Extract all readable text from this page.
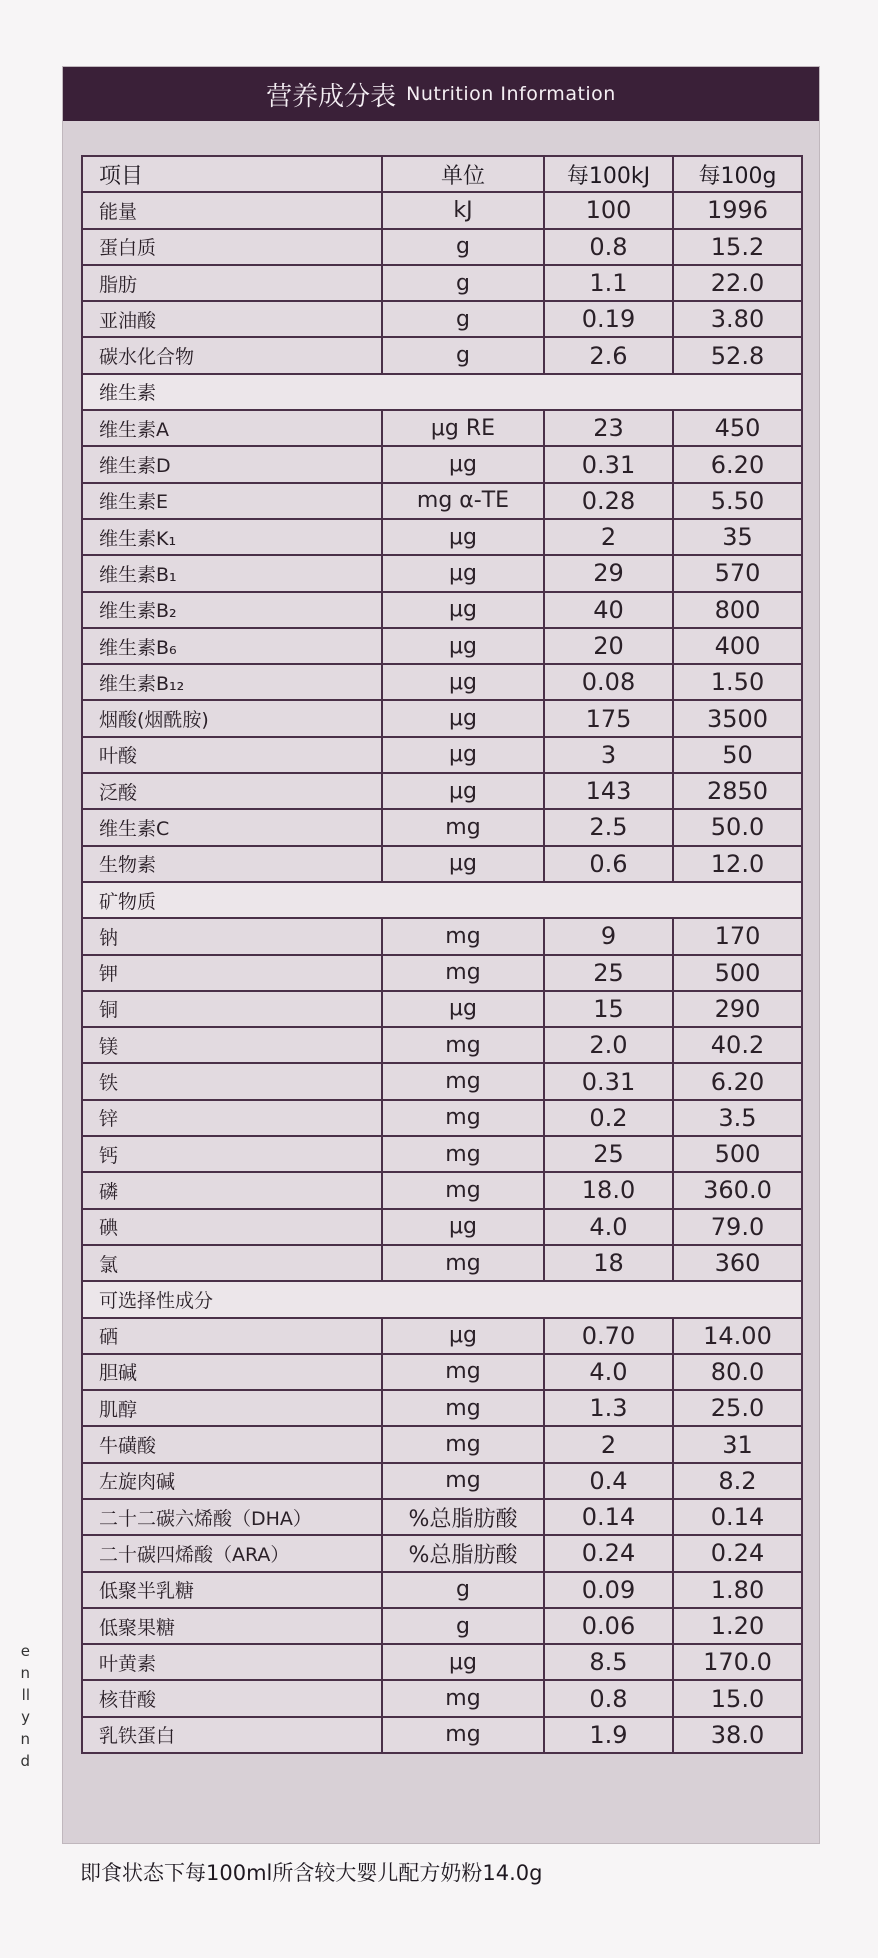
e
n
ll
y
n
d
营养成分表 Nutrition Information
项目	单位	每100kJ	每100g
能量	kJ	100	1996
蛋白质	g	0.8	15.2
脂肪	g	1.1	22.0
亚油酸	g	0.19	3.80
碳水化合物	g	2.6	52.8
维生素			
维生素A	μg RE	23	450
维生素D	μg	0.31	6.20
维生素E	mg α-TE	0.28	5.50
维生素K₁	μg	2	35
维生素B₁	μg	29	570
维生素B₂	μg	40	800
维生素B₆	μg	20	400
维生素B₁₂	μg	0.08	1.50
烟酸(烟酰胺)	μg	175	3500
叶酸	μg	3	50
泛酸	μg	143	2850
维生素C	mg	2.5	50.0
生物素	μg	0.6	12.0
矿物质			
钠	mg	9	170
钾	mg	25	500
铜	μg	15	290
镁	mg	2.0	40.2
铁	mg	0.31	6.20
锌	mg	0.2	3.5
钙	mg	25	500
磷	mg	18.0	360.0
碘	μg	4.0	79.0
氯	mg	18	360
可选择性成分			
硒	μg	0.70	14.00
胆碱	mg	4.0	80.0
肌醇	mg	1.3	25.0
牛磺酸	mg	2	31
左旋肉碱	mg	0.4	8.2
二十二碳六烯酸（DHA）	%总脂肪酸	0.14	0.14
二十碳四烯酸（ARA）	%总脂肪酸	0.24	0.24
低聚半乳糖	g	0.09	1.80
低聚果糖	g	0.06	1.20
叶黄素	μg	8.5	170.0
核苷酸	mg	0.8	15.0
乳铁蛋白	mg	1.9	38.0
即食状态下每100ml所含较大婴儿配方奶粉14.0g
